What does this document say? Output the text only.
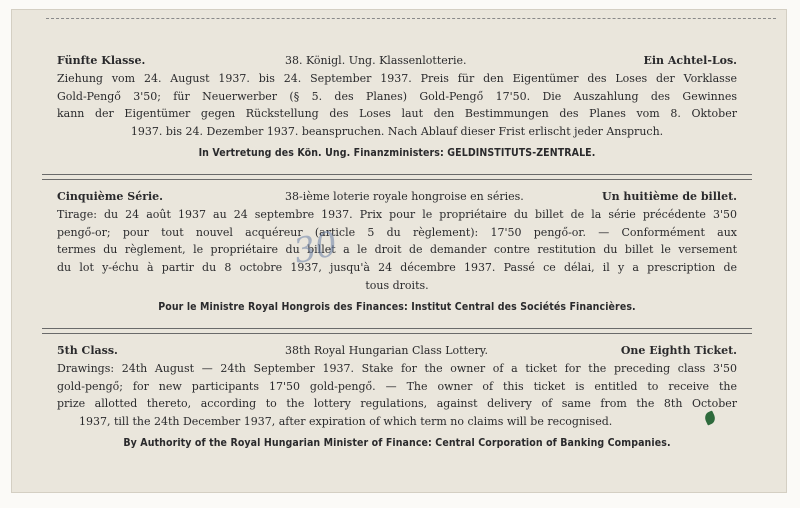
Fünfte Klasse.	38. Königl. Ung. Klassenlotterie.	Ein Achtel-Los.
Ziehung vom 24. August 1937. bis 24. September 1937. Preis für den Eigentümer des Loses der Vorklasse
Gold-Pengő 3'50; für Neuerwerber (§ 5. des Planes) Gold-Pengő 17'50. Die Auszahlung des Gewinnes
kann der Eigentümer gegen Rückstellung des Loses laut den Bestimmungen des Planes vom 8. Oktober
1937. bis 24. Dezember 1937. beanspruchen. Nach Ablauf dieser Frist erlischt jeder Anspruch.
In Vertretung des Kön. Ung. Finanzministers: GELDINSTITUTS-ZENTRALE.
Cinquième Série.	38-ième loterie royale hongroise en séries.	Un huitième de billet.
Tirage: du 24 août 1937 au 24 septembre 1937. Prix pour le propriétaire du billet de la série précédente 3'50
pengő-or; pour tout nouvel acquéreur (article 5 du règlement): 17'50 pengő-or. — Conformément aux
termes du règlement, le propriétaire du billet a le droit de demander contre restitution du billet le versement
du lot y-échu à partir du 8 octobre 1937, jusqu'à 24 décembre 1937. Passé ce délai, il y a prescription de
tous droits.
Pour le Ministre Royal Hongrois des Finances: Institut Central des Sociétés Financières.
5th Class.	38th Royal Hungarian Class Lottery.	One Eighth Ticket.
Drawings: 24th August — 24th September 1937. Stake for the owner of a ticket for the preceding class 3'50
gold-pengő; for new participants 17'50 gold-pengő. — The owner of this ticket is entitled to receive the
prize allotted thereto, according to the lottery regulations, against delivery of same from the 8th October
1937, till the 24th December 1937, after expiration of which term no claims will be recognised.
By Authority of the Royal Hungarian Minister of Finance: Central Corporation of Banking Companies.
30
